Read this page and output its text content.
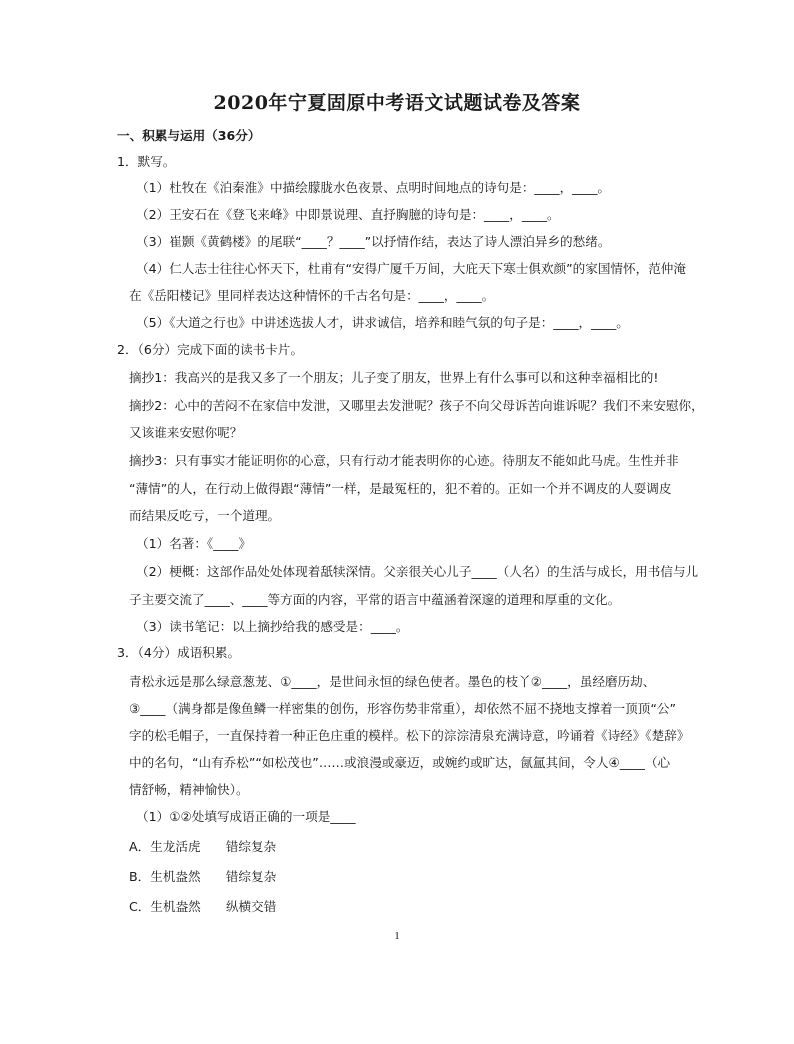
2020年宁夏固原中考语文试题试卷及答案
一、积累与运用（36分）
1．默写。
（1）杜牧在《泊秦淮》中描绘朦胧水色夜景、点明时间地点的诗句是：____，____。
（2）王安石在《登飞来峰》中即景说理、直抒胸臆的诗句是：____，____。
（3）崔颢《黄鹤楼》的尾联“____？____”以抒情作结，表达了诗人漂泊异乡的愁绪。
（4）仁人志士往往心怀天下，杜甫有“安得广厦千万间，大庇天下寒士俱欢颜”的家国情怀，范仲淹
在《岳阳楼记》里同样表达这种情怀的千古名句是：____，____。
（5）《大道之行也》中讲述选拔人才，讲求诚信，培养和睦气氛的句子是：____，____。
2．（6分）完成下面的读书卡片。
摘抄1：我高兴的是我又多了一个朋友；儿子变了朋友，世界上有什么事可以和这种幸福相比的!
摘抄2：心中的苦闷不在家信中发泄，又哪里去发泄呢？孩子不向父母诉苦向谁诉呢？我们不来安慰你，
又该谁来安慰你呢？
摘抄3：只有事实才能证明你的心意，只有行动才能表明你的心迹。待朋友不能如此马虎。生性并非
“薄情”的人，在行动上做得跟“薄情”一样，是最冤枉的，犯不着的。正如一个并不调皮的人耍调皮
而结果反吃亏，一个道理。
（1）名著：《____》
（2）梗概：这部作品处处体现着舐犊深情。父亲很关心儿子____（人名）的生活与成长，用书信与儿
子主要交流了____、____等方面的内容，平常的语言中蕴涵着深邃的道理和厚重的文化。
（3）读书笔记：以上摘抄给我的感受是：____。
3．（4分）成语积累。
青松永远是那么绿意葱茏、①____，是世间永恒的绿色使者。墨色的枝丫②____，虽经磨历劫、
③____（满身都是像鱼鳞一样密集的创伤，形容伤势非常重），却依然不屈不挠地支撑着一顶顶“公”
字的松毛帽子，一直保持着一种正色庄重的模样。松下的淙淙清泉充满诗意，吟诵着《诗经》《楚辞》
中的名句，“山有乔松”“如松茂也”……或浪漫或豪迈，或婉约或旷达，氤氲其间，令人④____（心
情舒畅，精神愉快）。
（1）①②处填写成语正确的一项是____
A．生龙活虎　　错综复杂
B．生机盎然　　错综复杂
C．生机盎然　　纵横交错
1
